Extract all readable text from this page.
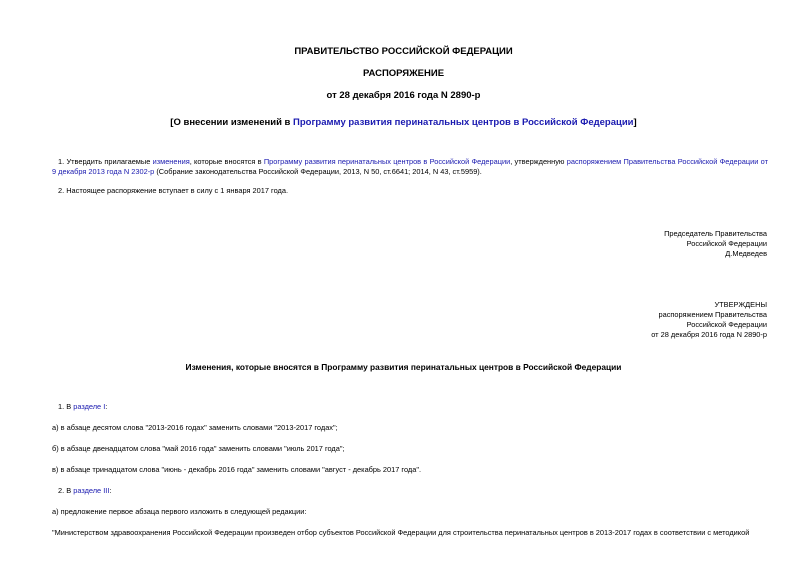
ПРАВИТЕЛЬСТВО РОССИЙСКОЙ ФЕДЕРАЦИИ
РАСПОРЯЖЕНИЕ
от 28 декабря 2016 года N 2890-р
[О внесении изменений в Программу развития перинатальных центров в Российской Федерации]
1. Утвердить прилагаемые изменения, которые вносятся в Программу развития перинатальных центров в Российской Федерации, утвержденную распоряжением Правительства Российской Федерации от 9 декабря 2013 года N 2302-р (Собрание законодательства Российской Федерации, 2013, N 50, ст.6641; 2014, N 43, ст.5959).
2. Настоящее распоряжение вступает в силу с 1 января 2017 года.
Председатель Правительства
Российской Федерации
Д.Медведев
УТВЕРЖДЕНЫ
распоряжением Правительства
Российской Федерации
от 28 декабря 2016 года N 2890-р
Изменения, которые вносятся в Программу развития перинатальных центров в Российской Федерации
1. В разделе I:
а) в абзаце десятом слова "2013-2016 годах" заменить словами "2013-2017 годах";
б) в абзаце двенадцатом слова "май 2016 года" заменить словами "июль 2017 года";
в) в абзаце тринадцатом слова "июнь - декабрь 2016 года" заменить словами "август - декабрь 2017 года".
2. В разделе III:
а) предложение первое абзаца первого изложить в следующей редакции:
"Министерством здравоохранения Российской Федерации произведен отбор субъектов Российской Федерации для строительства перинатальных центров в 2013-2017 годах в соответствии с методикой
